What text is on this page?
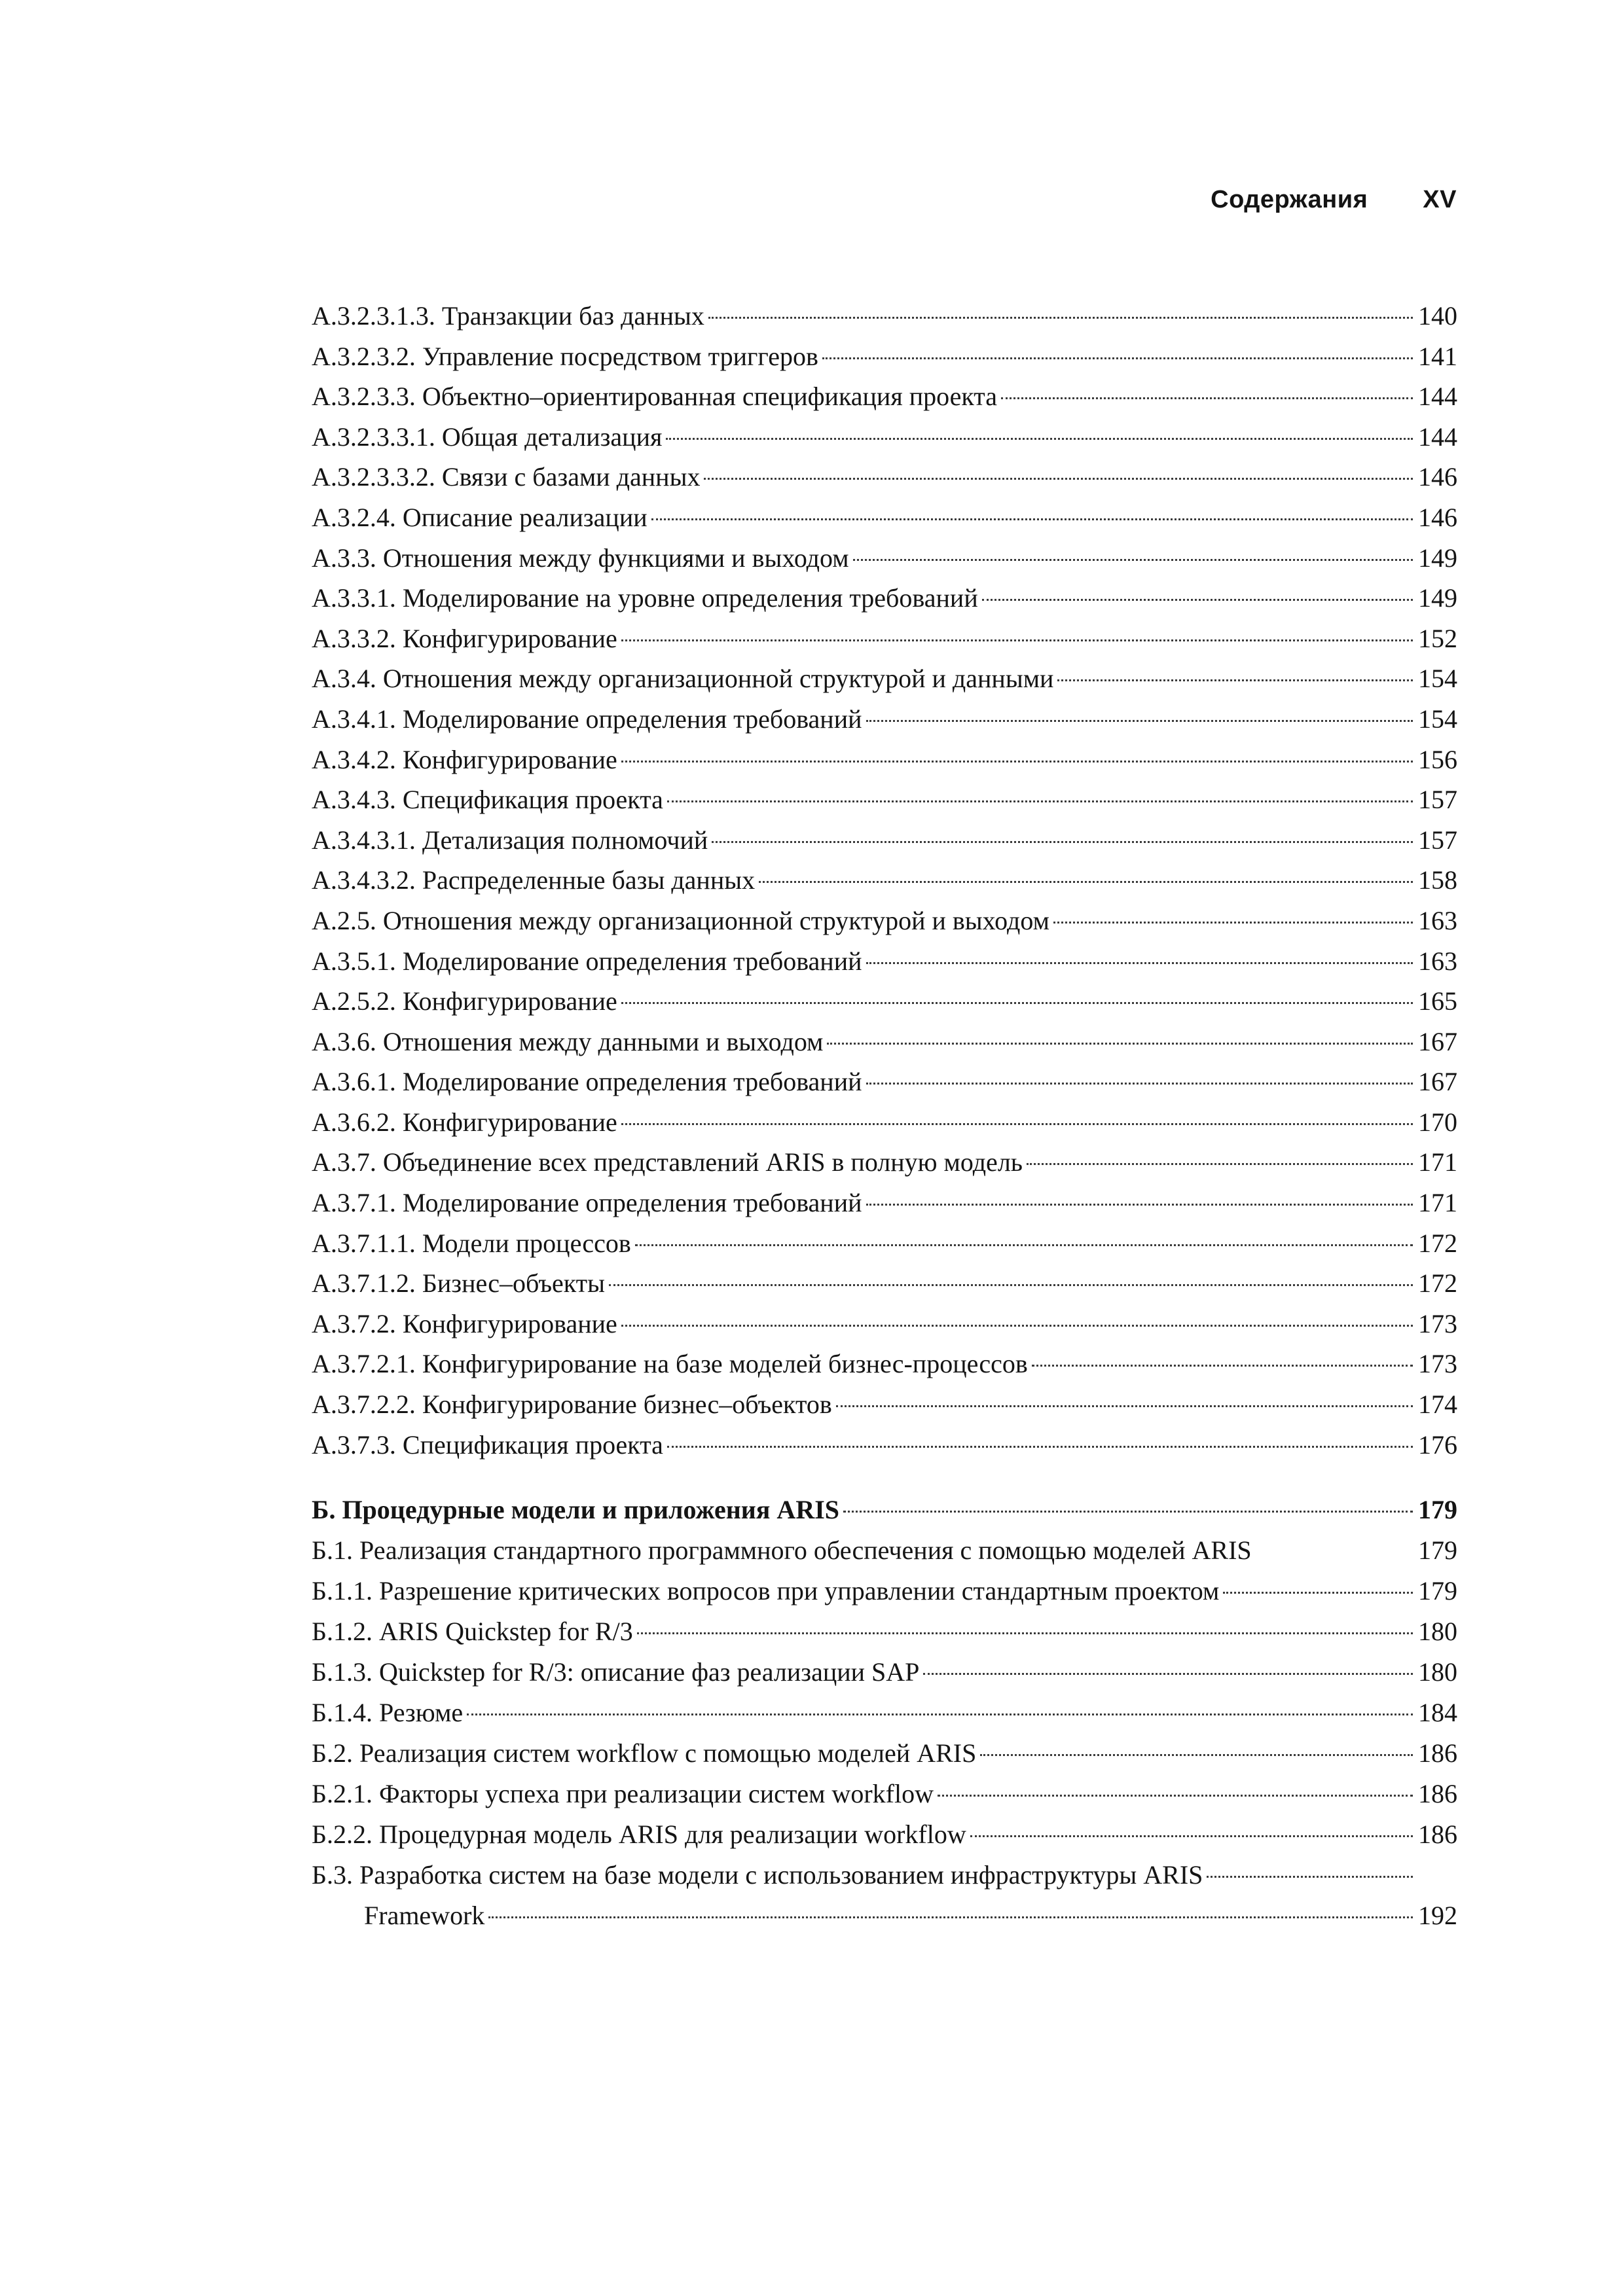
Содержания XV
А.3.2.3.1.3. Транзакции баз данных	140
А.3.2.3.2. Управление посредством триггеров	141
А.3.2.3.3. Объектно–ориентированная спецификация проекта	144
А.3.2.3.3.1. Общая детализация	144
А.3.2.3.3.2. Связи с базами данных	146
А.3.2.4. Описание реализации	146
А.3.3. Отношения между функциями и выходом	149
А.3.3.1. Моделирование на уровне определения требований	149
А.3.3.2. Конфигурирование	152
А.3.4. Отношения между организационной структурой и данными	154
А.3.4.1. Моделирование определения требований	154
А.3.4.2. Конфигурирование	156
А.3.4.3. Спецификация проекта	157
А.3.4.3.1. Детализация полномочий	157
А.3.4.3.2. Распределенные базы данных	158
А.2.5. Отношения между организационной структурой и выходом	163
А.3.5.1. Моделирование определения требований	163
А.2.5.2. Конфигурирование	165
А.3.6. Отношения между данными и выходом	167
А.3.6.1. Моделирование определения требований	167
А.3.6.2. Конфигурирование	170
А.3.7. Объединение всех представлений ARIS в полную модель	171
А.3.7.1. Моделирование определения требований	171
А.3.7.1.1. Модели процессов	172
А.3.7.1.2. Бизнес–объекты	172
А.3.7.2. Конфигурирование	173
А.3.7.2.1. Конфигурирование на базе моделей бизнес-процессов	173
А.3.7.2.2. Конфигурирование бизнес–объектов	174
А.3.7.3. Спецификация проекта	176
Б. Процедурные модели и приложения ARIS	179
Б.1. Реализация стандартного программного обеспечения с помощью моделей ARIS	179
Б.1.1. Разрешение критических вопросов при управлении стандартным проектом	179
Б.1.2. ARIS Quickstep for R/3	180
Б.1.3. Quickstep for R/3: описание фаз реализации SAP	180
Б.1.4. Резюме	184
Б.2. Реализация систем workflow с помощью моделей ARIS	186
Б.2.1. Факторы успеха при реализации систем workflow	186
Б.2.2. Процедурная модель ARIS для реализации workflow	186
Б.3. Разработка систем на базе модели с использованием инфраструктуры ARIS
Framework	192
